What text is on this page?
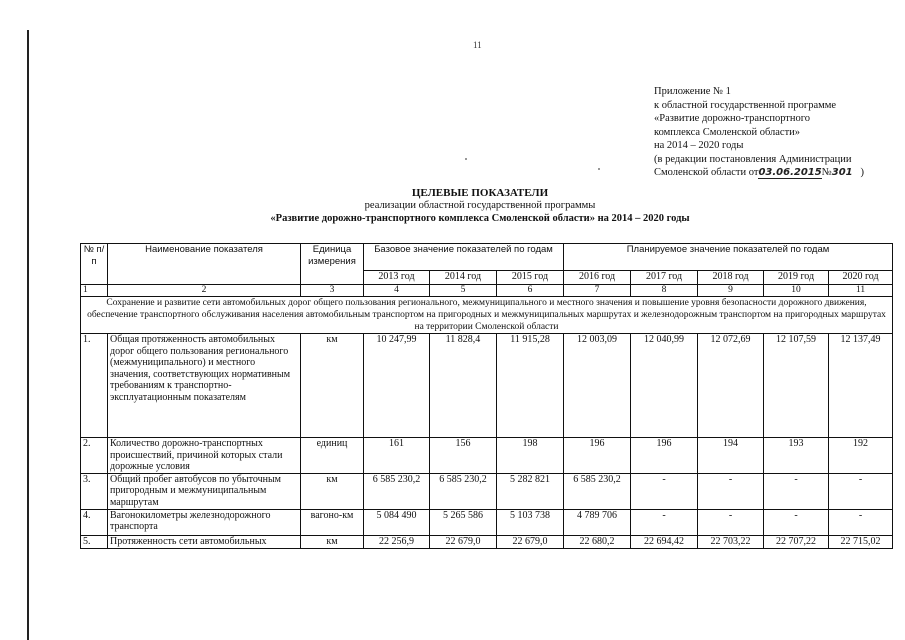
11
Приложение № 1
к областной государственной программе
«Развитие дорожно-транспортного
комплекса Смоленской области»
на 2014 – 2020 годы
(в редакции постановления Администрации
Смоленской области от03.06.2015№301 )
ЦЕЛЕВЫЕ ПОКАЗАТЕЛИ
реализации областной государственной программы
«Развитие дорожно-транспортного комплекса Смоленской области» на 2014 – 2020 годы
№ п/п	Наименование показателя	Единица измерения	Базовое значение показателей по годам			Планируемое значение показателей по годам				
			2013 год	2014 год	2015 год	2016 год	2017 год	2018 год	2019 год	2020 год
1	2	3	4	5	6	7	8	9	10	11
Сохранение и развитие сети автомобильных дорог общего пользования регионального, межмуниципального и местного значения и повышение уровня безопасности дорожного движения, обеспечение транспортного обслуживания населения автомобильным транспортом на пригородных и межмуниципальных маршрутах и железнодорожным транспортом на пригородных маршрутах на территории Смоленской области										
1.	Общая протяженность автомобильных дорог общего пользования регионального (межмуниципального) и местного значения, соответствующих нормативным требованиям к транспортно-эксплуатационным показателям	км	10 247,99	11 828,4	11 915,28	12 003,09	12 040,99	12 072,69	12 107,59	12 137,49
2.	Количество дорожно-транспортных происшествий, причиной которых стали дорожные условия	единиц	161	156	198	196	196	194	193	192
3.	Общий пробег автобусов по убыточным пригородным и межмуниципальным маршрутам	км	6 585 230,2	6 585 230,2	5 282 821	6 585 230,2	-	-	-	-
4.	Вагонокилометры железнодорожного транспорта	вагоно-км	5 084 490	5 265 586	5 103 738	4 789 706	-	-	-	-
5.	Протяженность сети автомобильных	км	22 256,9	22 679,0	22 679,0	22 680,2	22 694,42	22 703,22	22 707,22	22 715,02
